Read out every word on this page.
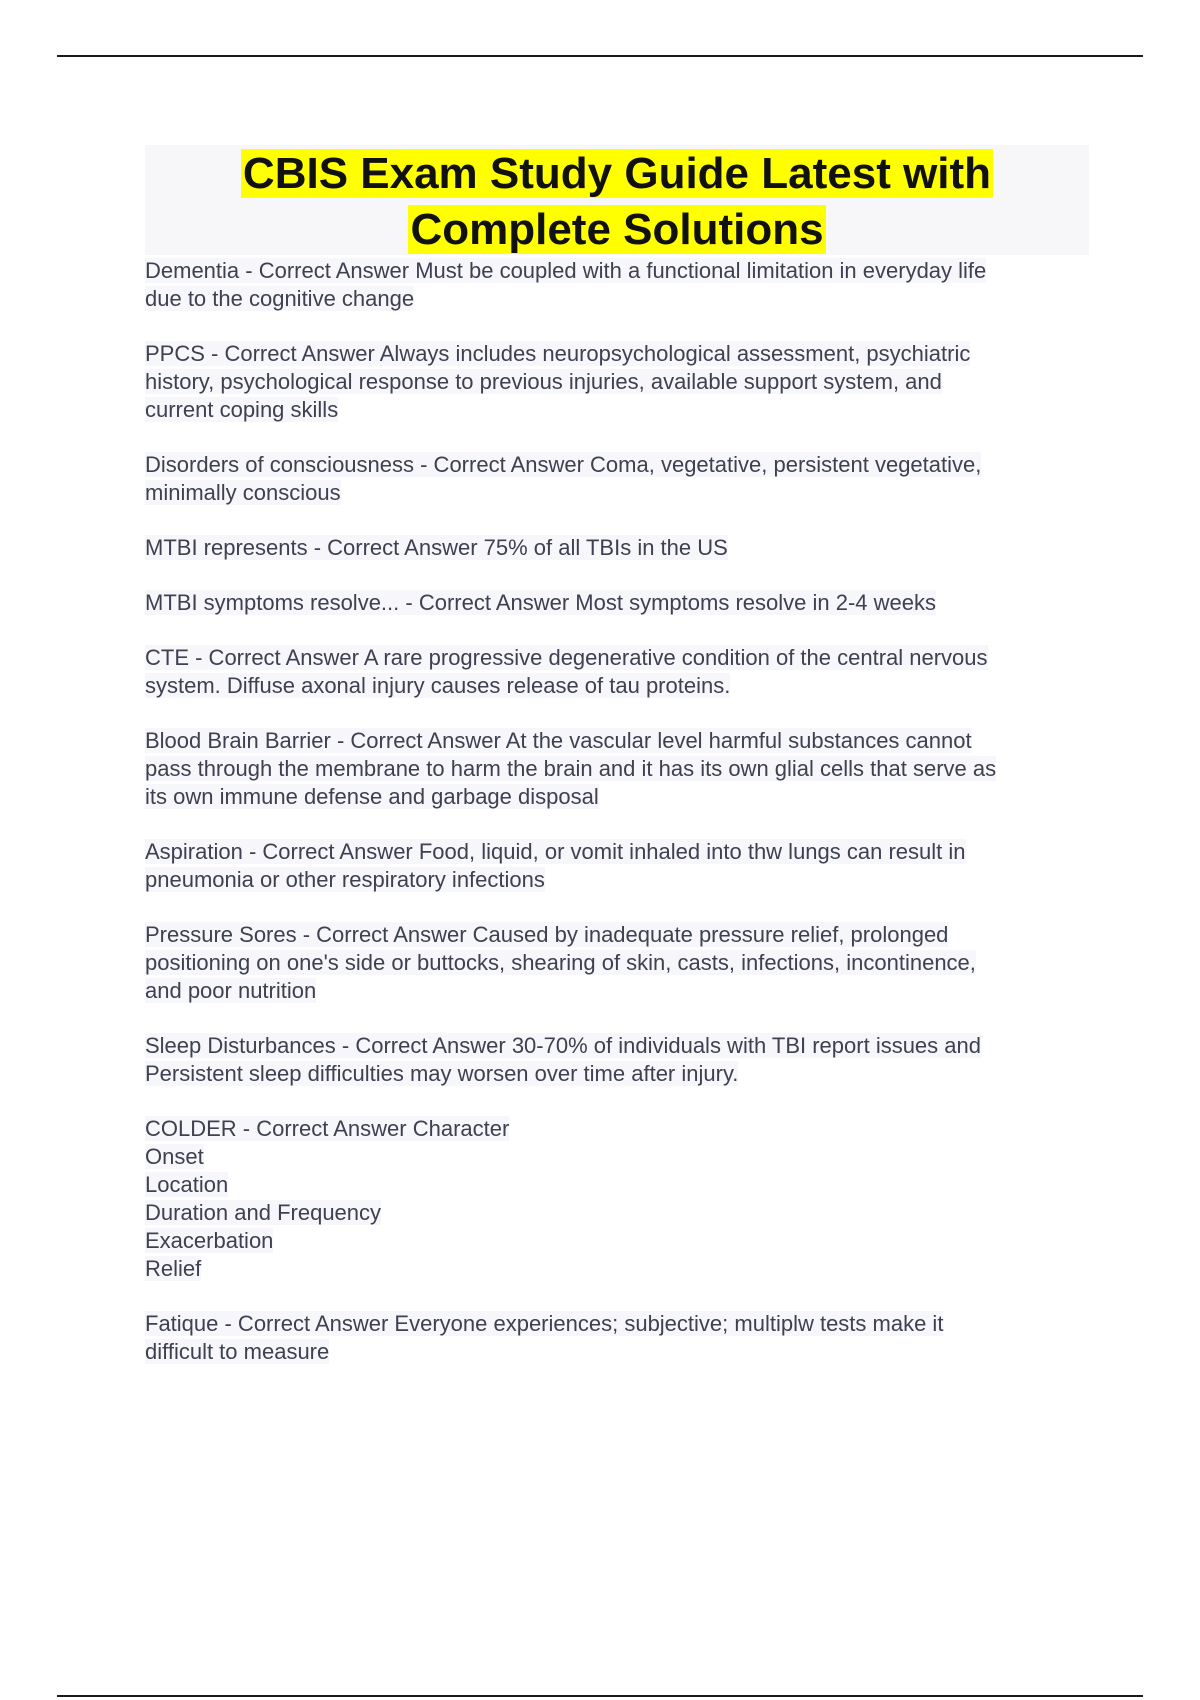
CBIS Exam Study Guide Latest with
Complete Solutions

Dementia - Correct Answer Must be coupled with a functional limitation in everyday life
due to the cognitive change

PPCS - Correct Answer Always includes neuropsychological assessment, psychiatric
history, psychological response to previous injuries, available support system, and
current coping skills

Disorders of consciousness - Correct Answer Coma, vegetative, persistent vegetative,
minimally conscious

MTBI represents - Correct Answer 75% of all TBIs in the US

MTBI symptoms resolve... - Correct Answer Most symptoms resolve in 2-4 weeks

CTE - Correct Answer A rare progressive degenerative condition of the central nervous
system. Diffuse axonal injury causes release of tau proteins.

Blood Brain Barrier - Correct Answer At the vascular level harmful substances cannot
pass through the membrane to harm the brain and it has its own glial cells that serve as
its own immune defense and garbage disposal

Aspiration - Correct Answer Food, liquid, or vomit inhaled into thw lungs can result in
pneumonia or other respiratory infections

Pressure Sores - Correct Answer Caused by inadequate pressure relief, prolonged
positioning on one's side or buttocks, shearing of skin, casts, infections, incontinence,
and poor nutrition

Sleep Disturbances - Correct Answer 30-70% of individuals with TBI report issues and
Persistent sleep difficulties may worsen over time after injury.

COLDER - Correct Answer Character
Onset
Location
Duration and Frequency
Exacerbation
Relief

Fatique - Correct Answer Everyone experiences; subjective; multiplw tests make it
difficult to measure
